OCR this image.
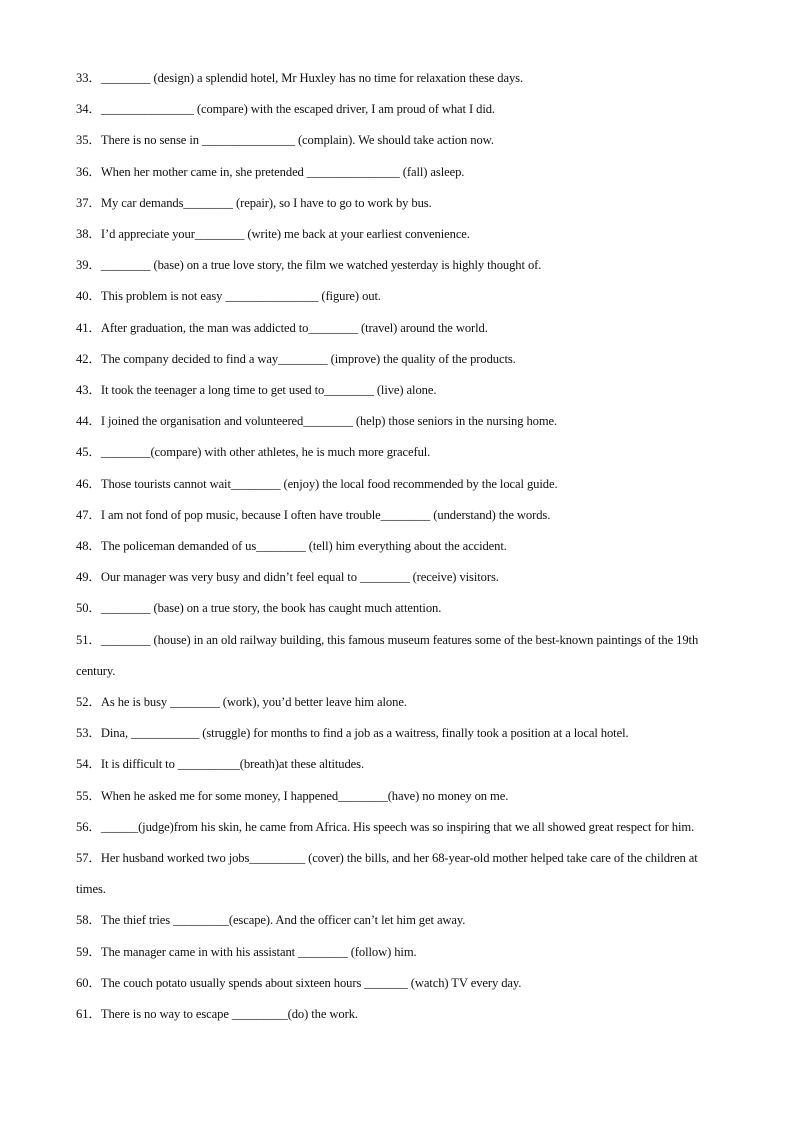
33．________ (design) a splendid hotel, Mr Huxley has no time for relaxation these days.
34．_______________ (compare) with the escaped driver, I am proud of what I did.
35．There is no sense in _______________ (complain). We should take action now.
36．When her mother came in, she pretended _______________ (fall) asleep.
37．My car demands________ (repair), so I have to go to work by bus.
38．I’d appreciate your________ (write) me back at your earliest convenience.
39．________ (base) on a true love story, the film we watched yesterday is highly thought of.
40．This problem is not easy _______________ (figure) out.
41．After graduation, the man was addicted to________ (travel) around the world.
42．The company decided to find a way________ (improve) the quality of the products.
43．It took the teenager a long time to get used to________ (live) alone.
44．I joined the organisation and volunteered________ (help) those seniors in the nursing home.
45．________(compare) with other athletes, he is much more graceful.
46．Those tourists cannot wait________ (enjoy) the local food recommended by the local guide.
47．I am not fond of pop music, because I often have trouble________ (understand) the words.
48．The policeman demanded of us________ (tell) him everything about the accident.
49．Our manager was very busy and didn’t feel equal to ________ (receive) visitors.
50．________ (base) on a true story, the book has caught much attention.
51．________ (house) in an old railway building, this famous museum features some of the best-known paintings of the 19th century.
52．As he is busy ________ (work), you’d better leave him alone.
53．Dina, ___________ (struggle) for months to find a job as a waitress, finally took a position at a local hotel.
54．It is difficult to __________(breath)at these altitudes.
55．When he asked me for some money, I happened________(have) no money on me.
56．______(judge)from his skin, he came from Africa. His speech was so inspiring that we all showed great respect for him.
57．Her husband worked two jobs_________ (cover) the bills, and her 68-year-old mother helped take care of the children at times.
58．The thief tries _________(escape). And the officer can’t let him get away.
59．The manager came in with his assistant ________ (follow) him.
60．The couch potato usually spends about sixteen hours _______ (watch) TV every day.
61．There is no way to escape _________(do) the work.
